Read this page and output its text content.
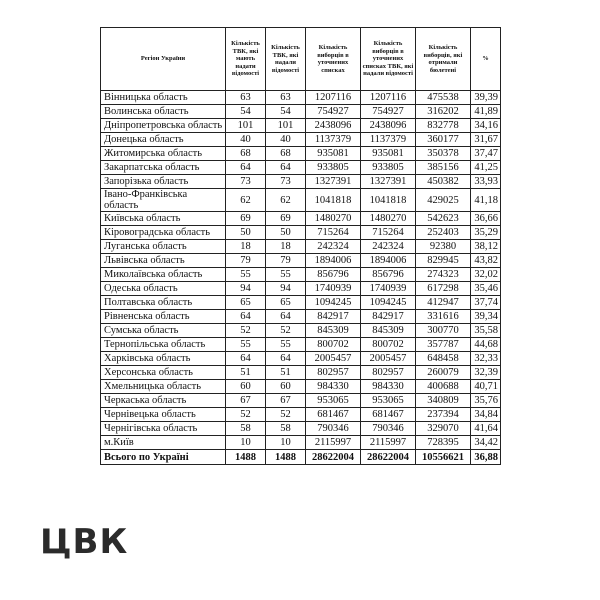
Регіон України	Кількість ТВК, які мають надати відомості	Кількість ТВК, які надали відомості	Кількість виборців в уточнених списках	Кількість виборців в уточнених списках ТВК, які надали відомості	Кількість виборців, які отримали бюлетені	%
Вінницька область	63	63	1207116	1207116	475538	39,39
Волинська область	54	54	754927	754927	316202	41,89
Дніпропетровська область	101	101	2438096	2438096	832778	34,16
Донецька область	40	40	1137379	1137379	360177	31,67
Житомирська область	68	68	935081	935081	350378	37,47
Закарпатська область	64	64	933805	933805	385156	41,25
Запорізька область	73	73	1327391	1327391	450382	33,93
Івано-Франківська область	62	62	1041818	1041818	429025	41,18
Київська область	69	69	1480270	1480270	542623	36,66
Кіровоградська область	50	50	715264	715264	252403	35,29
Луганська область	18	18	242324	242324	92380	38,12
Львівська область	79	79	1894006	1894006	829945	43,82
Миколаївська область	55	55	856796	856796	274323	32,02
Одеська область	94	94	1740939	1740939	617298	35,46
Полтавська область	65	65	1094245	1094245	412947	37,74
Рівненська область	64	64	842917	842917	331616	39,34
Сумська область	52	52	845309	845309	300770	35,58
Тернопільська область	55	55	800702	800702	357787	44,68
Харківська область	64	64	2005457	2005457	648458	32,33
Херсонська область	51	51	802957	802957	260079	32,39
Хмельницька область	60	60	984330	984330	400688	40,71
Черкаська область	67	67	953065	953065	340809	35,76
Чернівецька область	52	52	681467	681467	237394	34,84
Чернігівська область	58	58	790346	790346	329070	41,64
м.Київ	10	10	2115997	2115997	728395	34,42
Всього по Україні	1488	1488	28622004	28622004	10556621	36,88
ЦВК
